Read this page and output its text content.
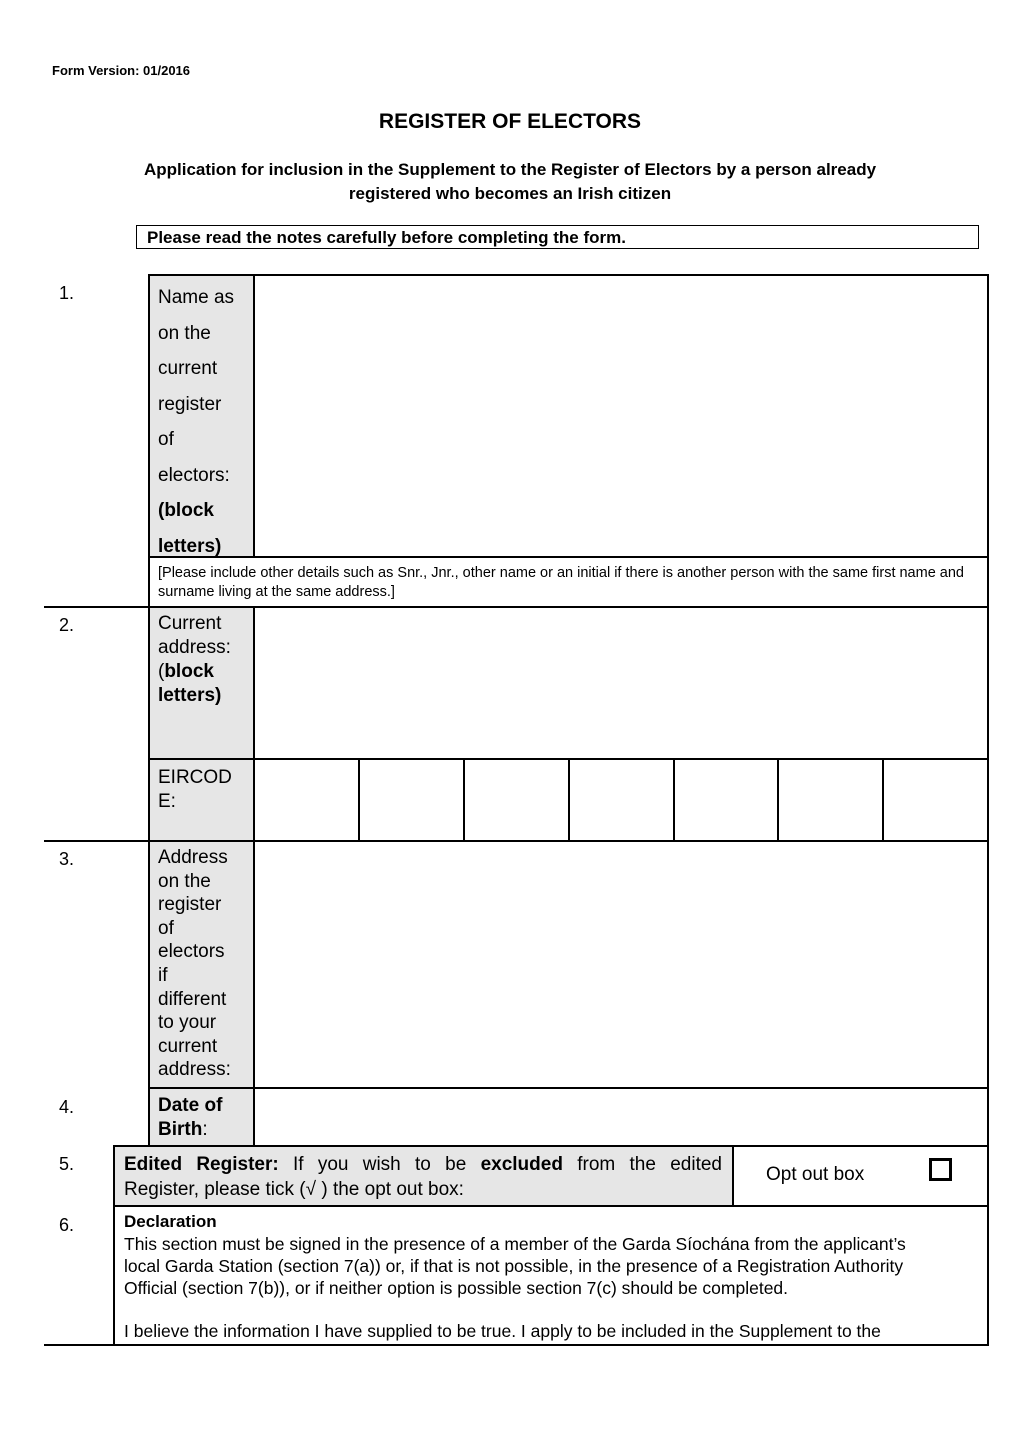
Form Version: 01/2016
REGISTER OF ELECTORS
Application for inclusion in the Supplement to the Register of Electors by a person already
registered who becomes an Irish citizen
Please read the notes carefully before completing the form.
1.	Name as
on the
current
register
of
electors:
(block
letters)
[Please include other details such as Snr., Jnr., other name or an initial if there is another person with the same first name and surname living at the same address.]
2.	Current
address:
(block
letters)
EIRCOD
E:
3.	Address
on the
register
of
electors
if
different
to your
current
address:
4.	Date of
Birth:
5.	Edited Register: If you wish to be excluded from the edited
Register, please tick (√ ) the opt out box:
Opt out box
6.	Declaration
This section must be signed in the presence of a member of the Garda Síochána from the applicant’s
local Garda Station (section 7(a)) or, if that is not possible, in the presence of a Registration Authority
Official (section 7(b)), or if neither option is possible section 7(c) should be completed.
I believe the information I have supplied to be true. I apply to be included in the Supplement to the
